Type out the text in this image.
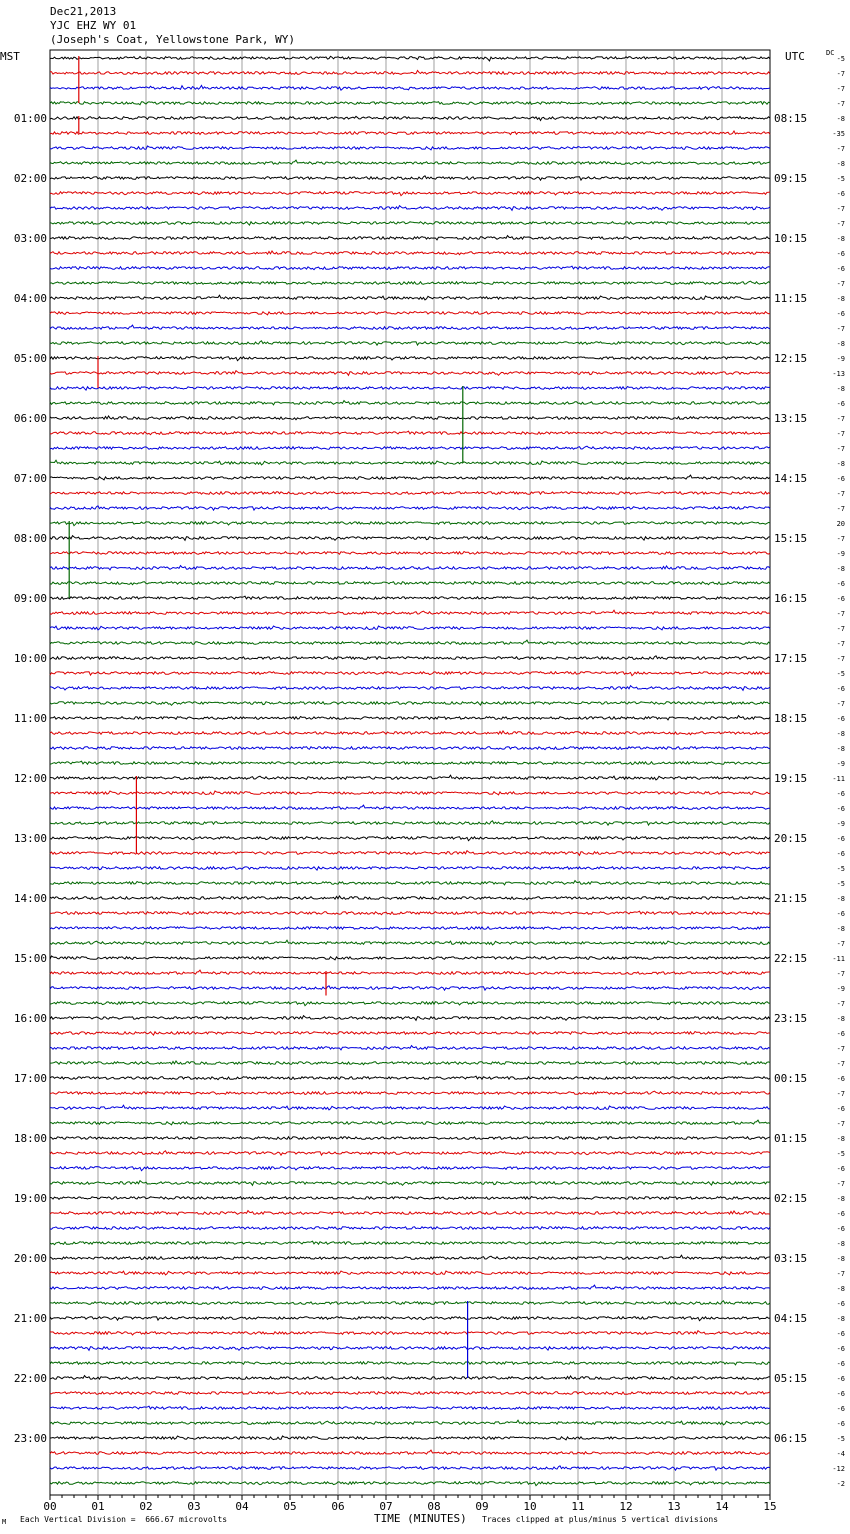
Dec21,2013
YJC EHZ WY 01
(Joseph's Coat, Yellowstone Park, WY)
MST	UTC	DC
00	01	02	03	04	05	06	07	08	09	10	11	12	13	14	15
01:00
02:00
03:00
04:00
05:00
06:00
07:00
08:00
09:00
10:00
11:00
12:00
13:00
14:00
15:00
16:00
17:00
18:00
19:00
20:00
21:00
22:00
23:00
08:15
09:15
10:15
11:15
12:15
13:15
14:15
15:15
16:15
17:15
18:15
19:15
20:15
21:15
22:15
23:15
00:15
01:15
02:15
03:15
04:15
05:15
06:15
-5
-7
-7
-7
-8
-35
-7
-8
-5
-6
-7
-7
-8
-6
-6
-7
-8
-6
-7
-8
-9
-13
-8
-6
-7
-7
-7
-8
-6
-7
-7
20
-7
-9
-8
-6
-6
-7
-7
-7
-7
-5
-6
-7
-6
-8
-8
-9
-11
-6
-6
-9
-6
-6
-5
-5
-8
-6
-8
-7
-11
-7
-9
-7
-8
-6
-7
-7
-6
-7
-6
-7
-8
-5
-6
-7
-8
-6
-6
-8
-8
-7
-8
-6
-8
-6
-6
-6
-6
-6
-6
-6
-5
-4
-12
-2
M Each Vertical Division =  666.67 microvolts	TIME (MINUTES) Traces clipped at plus/minus 5 vertical divisions
